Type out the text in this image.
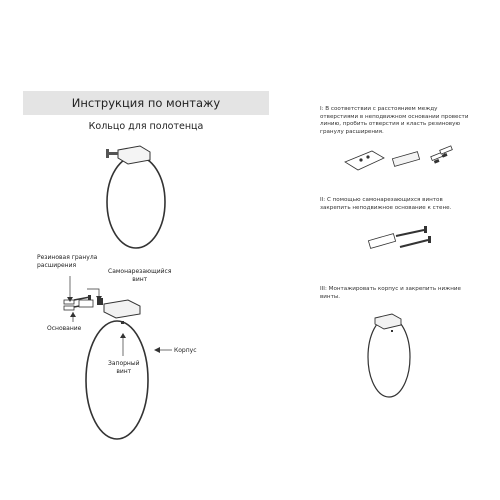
Инструкция по монтажу
Кольцо для полотенца
Резиновая гранула
расширения
Самонарезающийся
винт
Основание
Корпус
Запорный
винт
I: В соответствии с расстоянием между отверстиями в неподвижном основании провести линию, пробить отверстия и класть резиновую гранулу расширения.
II: С помощью самонарезающихся винтов закрепить неподвижное основание к стене.
III: Монтажировать корпус и закрепить нижние винты.
